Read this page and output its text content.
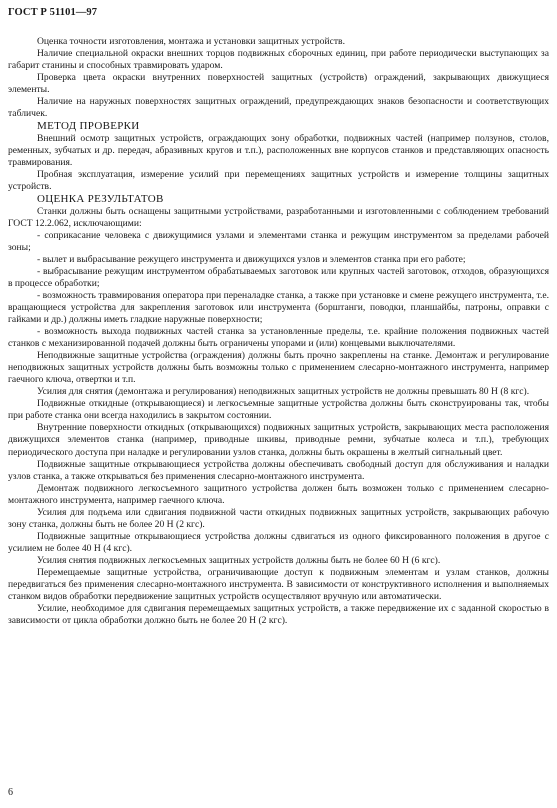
ГОСТ Р 51101—97

Оценка точности изготовления, монтажа и установки защитных устройств.

Наличие специальной окраски внешних торцов подвижных сборочных единиц, при работе периодически выступающих за габарит станины и способных травмировать ударом.

Проверка цвета окраски внутренних поверхностей защитных (устройств) ограждений, закрывающих движущиеся элементы.

Наличие на наружных поверхностях защитных ограждений, предупреждающих знаков безопасности и соответствующих табличек.

МЕТОД ПРОВЕРКИ

Внешний осмотр защитных устройств, ограждающих зону обработки, подвижных частей (например ползунов, столов, ременных, зубчатых и др. передач, абразивных кругов и т.п.), расположенных вне корпусов станков и представляющих опасность травмирования.

Пробная эксплуатация, измерение усилий при перемещениях защитных устройств и измерение толщины защитных устройств.

ОЦЕНКА РЕЗУЛЬТАТОВ

Станки должны быть оснащены защитными устройствами, разработанными и изготовленными с соблюдением требований ГОСТ 12.2.062, исключающими:

- соприкасание человека с движущимися узлами и элементами станка и режущим инструментом за пределами рабочей зоны;

- вылет и выбрасывание режущего инструмента и движущихся узлов и элементов станка при его работе;

- выбрасывание режущим инструментом обрабатываемых заготовок или крупных частей заготовок, отходов, образующихся в процессе обработки;

- возможность травмирования оператора при переналадке станка, а также при установке и смене режущего инструмента, т.е. вращающиеся устройства для закрепления заготовок или инструмента (борштанги, поводки, планшайбы, патроны, оправки с гайками и др.) должны иметь гладкие наружные поверхности;

- возможность выхода подвижных частей станка за установленные пределы, т.е. крайние положения подвижных частей станков с механизированной подачей должны быть ограничены упорами и (или) концевыми выключателями.

Неподвижные защитные устройства (ограждения) должны быть прочно закреплены на станке. Демонтаж и регулирование неподвижных защитных устройств должны быть возможны только с применением слесарно-монтажного инструмента, например гаечного ключа, отвертки и т.п.

Усилия для снятия (демонтажа и регулирования) неподвижных защитных устройств не должны превышать 80 Н (8 кгс).

Подвижные откидные (открывающиеся) и легкосъемные защитные устройства должны быть сконструированы так, чтобы при работе станка они всегда находились в закрытом состоянии.

Внутренние поверхности откидных (открывающихся) подвижных защитных устройств, закрывающих места расположения движущихся элементов станка (например, приводные шкивы, приводные ремни, зубчатые колеса и т.п.), требующих периодического доступа при наладке и регулировании узлов станка, должны быть окрашены в желтый сигнальный цвет.

Подвижные защитные открывающиеся устройства должны обеспечивать свободный доступ для обслуживания и наладки узлов станка, а также открываться без применения слесарно-монтажного инструмента.

Демонтаж подвижного легкосъемного защитного устройства должен быть возможен только с применением слесарно-монтажного инструмента, например гаечного ключа.

Усилия для подъема или сдвигания подвижной части откидных подвижных защитных устройств, закрывающих рабочую зону станка, должны быть не более 20 Н (2 кгс).

Подвижные защитные открывающиеся устройства должны сдвигаться из одного фиксированного положения в другое с усилием не более 40 Н (4 кгс).

Усилия снятия подвижных легкосъемных защитных устройств должны быть не более 60 Н (6 кгс).

Перемещаемые защитные устройства, ограничивающие доступ к подвижным элементам и узлам станков, должны передвигаться без применения слесарно-монтажного инструмента. В зависимости от конструктивного исполнения и выполняемых станком видов обработки передвижение защитных устройств осуществляют вручную или автоматически.

Усилие, необходимое для сдвигания перемещаемых защитных устройств, а также передвижение их с заданной скоростью в зависимости от цикла обработки должно быть не более 20 Н (2 кгс).

6
